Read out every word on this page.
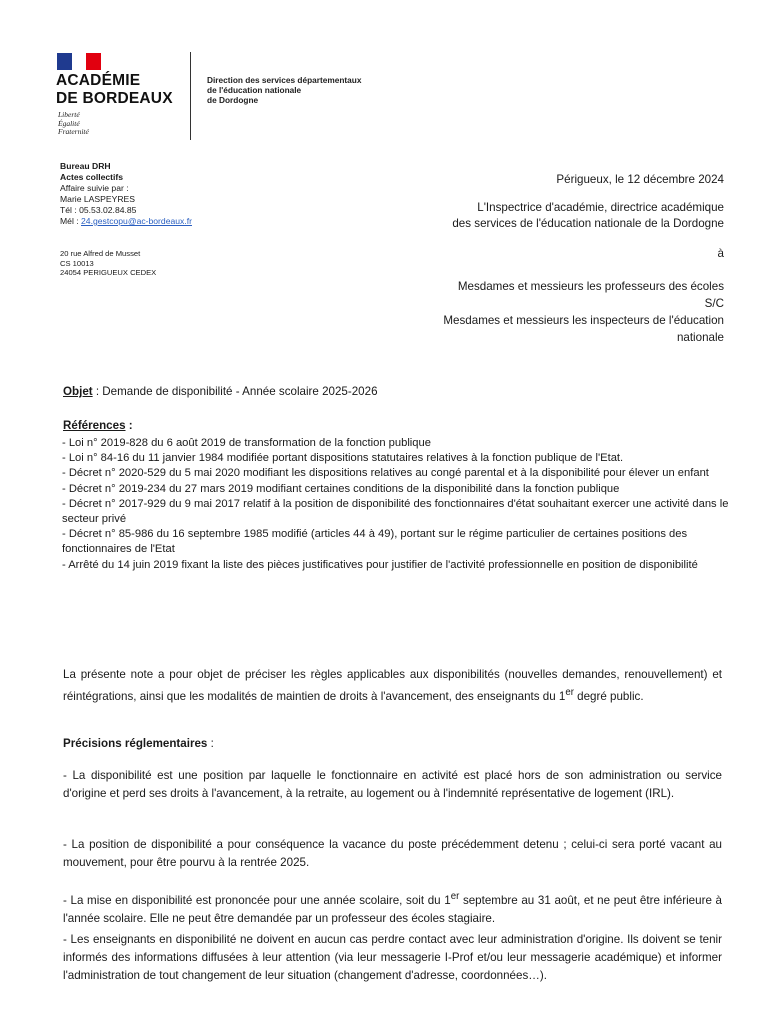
ACADÉMIE
DE BORDEAUX
Liberté
Égalité
Fraternité
Direction des services départementaux
de l'éducation nationale
de Dordogne
Bureau DRH
Actes collectifs
Affaire suivie par :
Marie LASPEYRES
Tél : 05.53.02.84.85
Mél : 24.gestcopu@ac-bordeaux.fr
20 rue Alfred de Musset
CS 10013
24054 PERIGUEUX CEDEX
Périgueux, le 12 décembre 2024
L'Inspectrice d'académie, directrice académique
des services de l'éducation nationale de la Dordogne
à
Mesdames et messieurs les professeurs des écoles
S/C
Mesdames et messieurs les inspecteurs de l'éducation
nationale
Objet : Demande de disponibilité - Année scolaire 2025-2026
Références :
- Loi n° 2019-828 du 6 août 2019 de transformation de la fonction publique
- Loi n° 84-16 du 11 janvier 1984 modifiée portant dispositions statutaires relatives à la fonction publique de l'Etat.
- Décret n° 2020-529 du 5 mai 2020 modifiant les dispositions relatives au congé parental et à la disponibilité pour élever un enfant
- Décret n° 2019-234 du 27 mars 2019 modifiant certaines conditions de la disponibilité dans la fonction publique
- Décret n° 2017-929 du 9 mai 2017 relatif à la position de disponibilité des fonctionnaires d'état souhaitant exercer une activité dans le secteur privé
- Décret n° 85-986 du 16 septembre 1985 modifié (articles 44 à 49), portant sur le régime particulier de certaines positions des fonctionnaires de l'Etat
- Arrêté du 14 juin 2019 fixant la liste des pièces justificatives pour justifier de l'activité professionnelle en position de disponibilité

La présente note a pour objet de préciser les règles applicables aux disponibilités (nouvelles demandes, renouvellement) et réintégrations, ainsi que les modalités de maintien de droits à l'avancement, des enseignants du 1er degré public.

Précisions réglementaires :

- La disponibilité est une position par laquelle le fonctionnaire en activité est placé hors de son administration ou service d'origine et perd ses droits à l'avancement, à la retraite, au logement ou à l'indemnité représentative de logement (IRL).

- La position de disponibilité a pour conséquence la vacance du poste précédemment detenu ; celui-ci sera porté vacant au mouvement, pour être pourvu à la rentrée 2025.

- La mise en disponibilité est prononcée pour une année scolaire, soit du 1er septembre au 31 août, et ne peut être inférieure à l'année scolaire. Elle ne peut être demandée par un professeur des écoles stagiaire.

- Les enseignants en disponibilité ne doivent en aucun cas perdre contact avec leur administration d'origine. Ils doivent se tenir informés des informations diffusées à leur attention (via leur messagerie I-Prof et/ou leur messagerie académique) et informer l'administration de tout changement de leur situation (changement d'adresse, coordonnées…).
